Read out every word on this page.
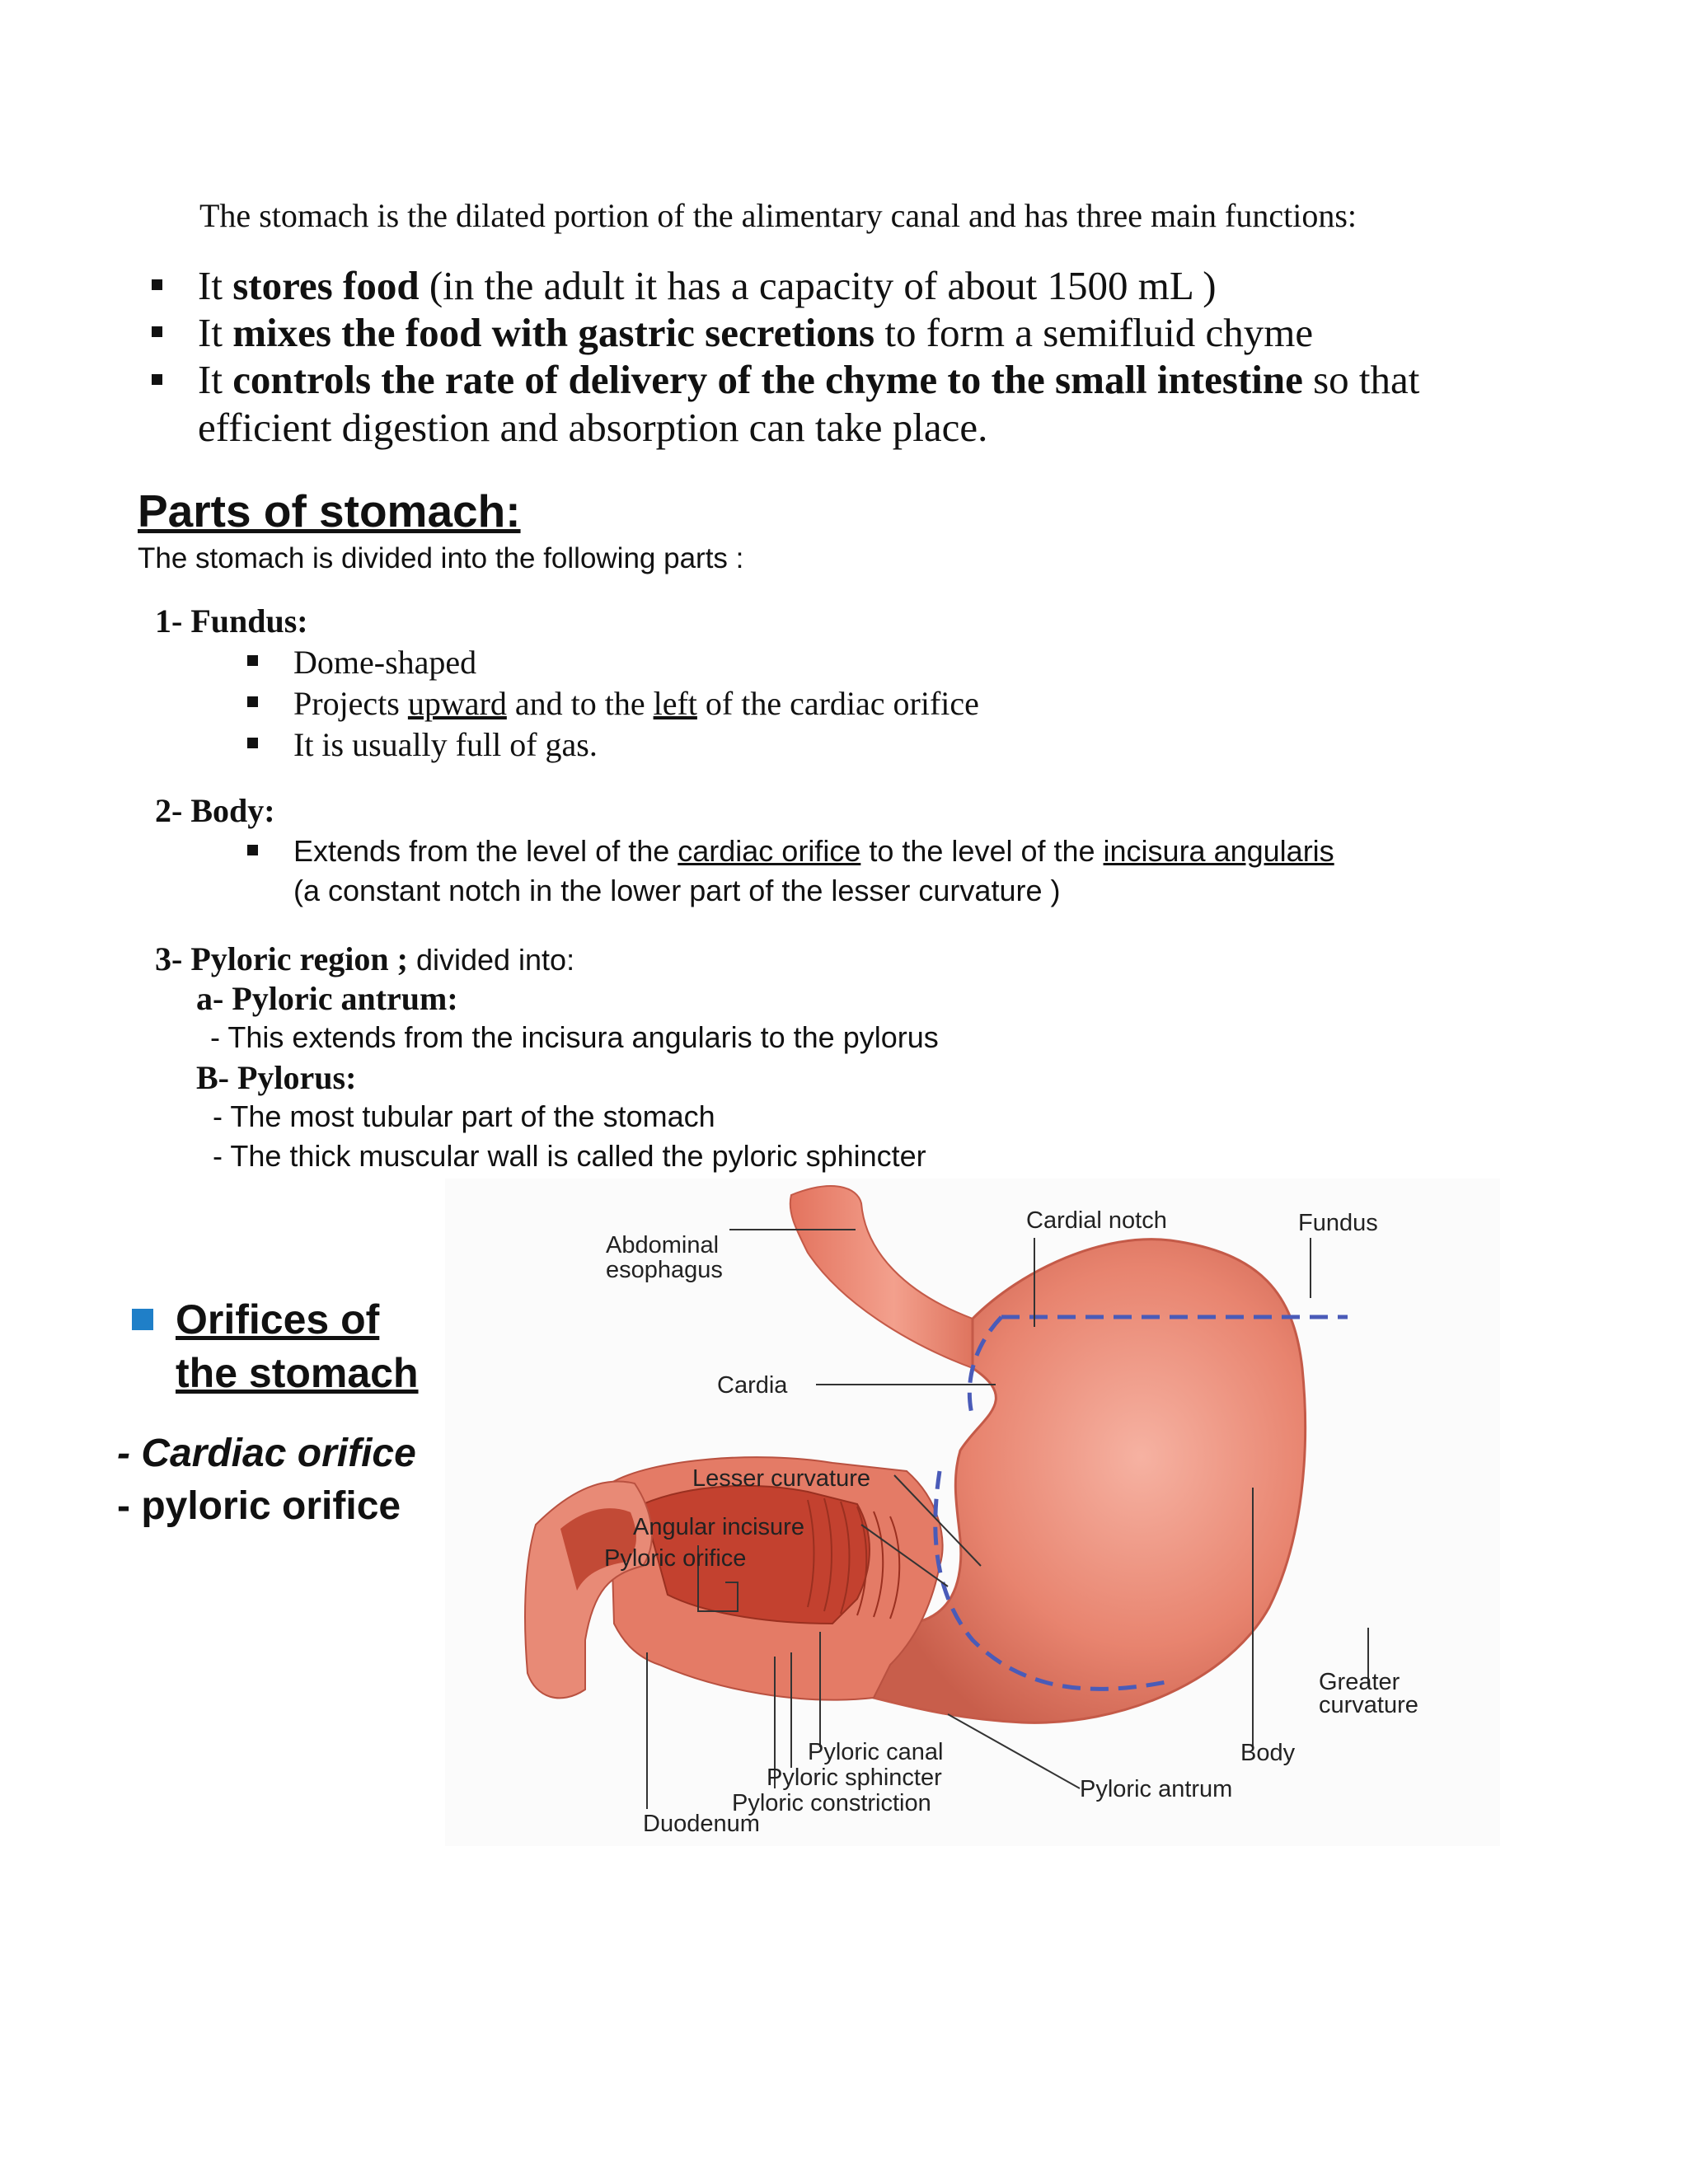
The stomach is the dilated portion of the alimentary canal and has three main functions:
It stores food (in the adult it has a capacity of about 1500 mL )
It mixes the food with gastric secretions to form a semifluid chyme
It controls the rate of delivery of the chyme to the small intestine so that
efficient digestion and absorption can take place.
Parts of stomach:
The stomach is divided into the following parts :
1- Fundus:
Dome-shaped
Projects upward and to the left of the cardiac orifice
It is usually full of gas.
2- Body:
Extends from the level of the cardiac orifice to the level of the incisura angularis
(a constant notch in the lower part of the lesser curvature )
3- Pyloric region ; divided into:
a- Pyloric antrum:
- This extends from the incisura angularis to the pylorus
B- Pylorus:
- The most tubular part of the stomach
- The thick muscular wall is called the pyloric sphincter
Orifices of
the stomach
- Cardiac orifice
- pyloric orifice
Abdominal
esophagus
Cardial notch	Fundus
Cardia
Lesser curvature
Angular incisure
Pyloric orifice
Greater
curvature
Body
Pyloric canal
Pyloric sphincter
Pyloric constriction
Duodenum
Pyloric antrum
